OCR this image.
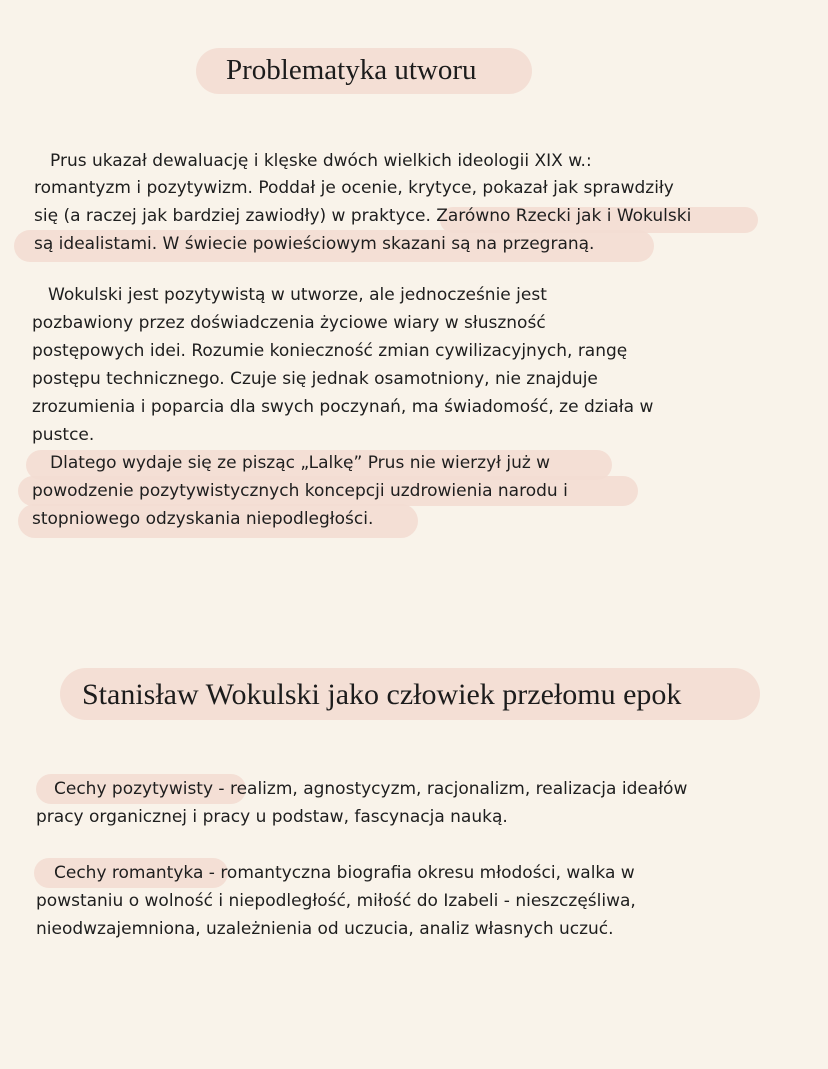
Problematyka utworu

Prus ukazał dewaluację i klęske dwóch wielkich ideologii XIX w.:

romantyzm i pozytywizm. Poddał je ocenie, krytyce, pokazał jak sprawdziły

się (a raczej jak bardziej zawiodły) w praktyce. Zarówno Rzecki jak i Wokulski

są idealistami. W świecie powieściowym skazani są na przegraną.

Wokulski jest pozytywistą w utworze, ale jednocześnie jest

pozbawiony przez doświadczenia życiowe wiary w słuszność

postępowych idei. Rozumie konieczność zmian cywilizacyjnych, rangę

postępu technicznego. Czuje się jednak osamotniony, nie znajduje

zrozumienia i poparcia dla swych poczynań, ma świadomość, ze działa w

pustce.

Dlatego wydaje się ze pisząc „Lalkę” Prus nie wierzył już w

powodzenie pozytywistycznych koncepcji uzdrowienia narodu i

stopniowego odzyskania niepodległości.

Stanisław Wokulski jako człowiek przełomu epok

Cechy pozytywisty - realizm, agnostycyzm, racjonalizm, realizacja ideałów

pracy organicznej i pracy u podstaw, fascynacja nauką.

Cechy romantyka - romantyczna biografia okresu młodości, walka w

powstaniu o wolność i niepodległość, miłość do Izabeli - nieszczęśliwa,

nieodwzajemniona, uzależnienia od uczucia, analiz własnych uczuć.
